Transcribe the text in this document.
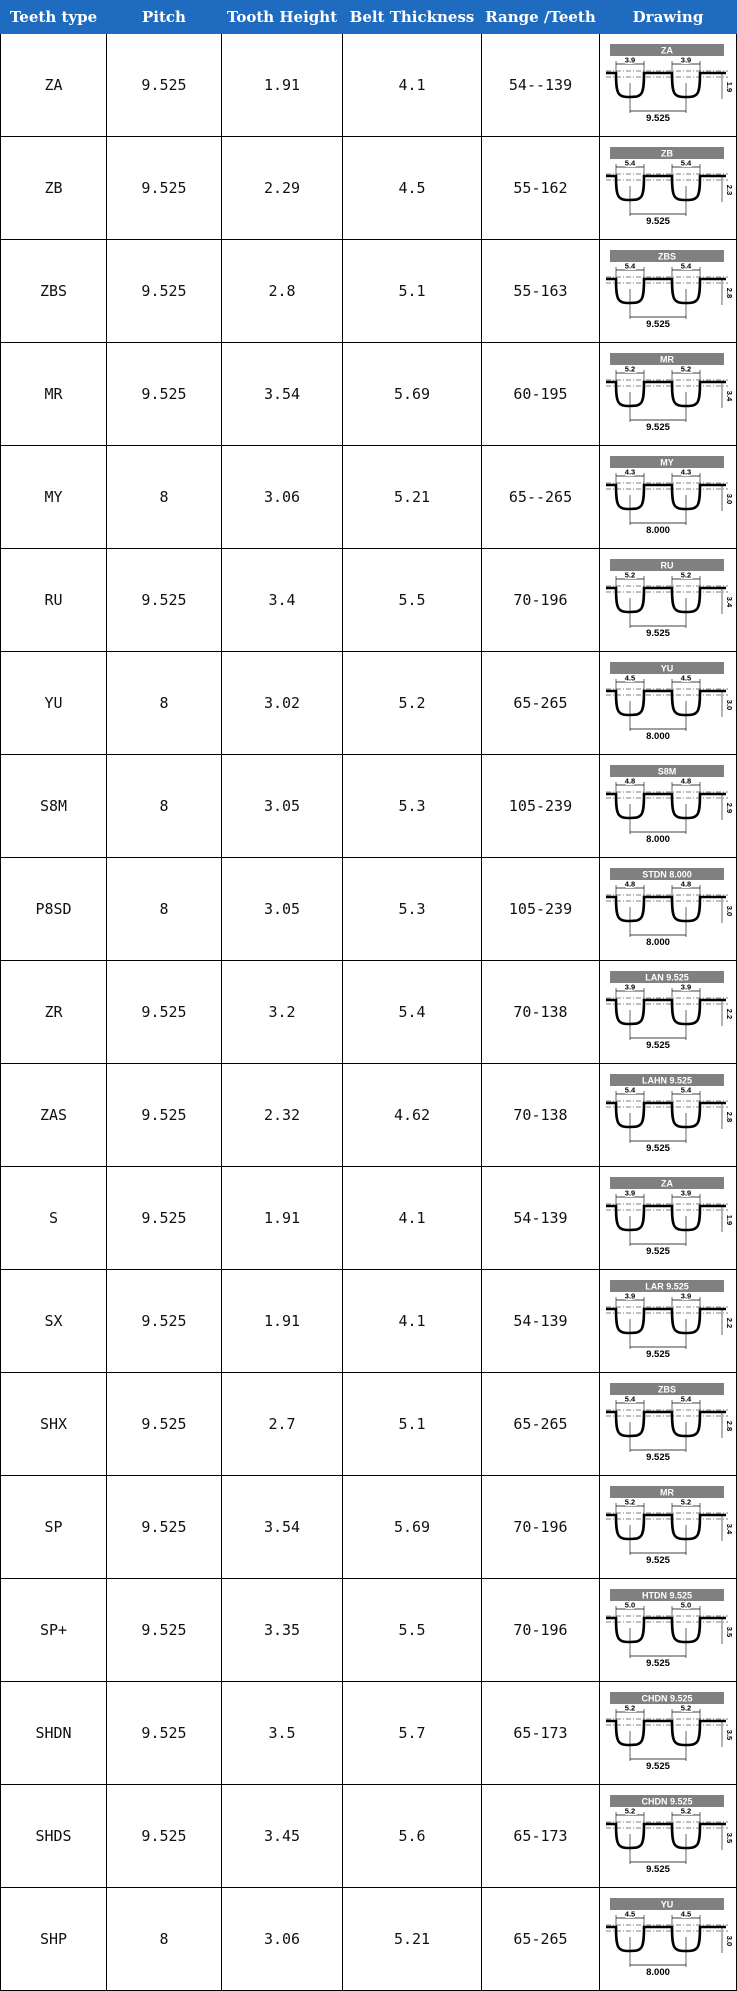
Teeth type	Pitch	Tooth Height	Belt Thickness	Range /Teeth	Drawing
ZA	9.525	1.91	4.1	54--139	ZA
3.9 3.9
9.525
1.9

ZB	9.525	2.29	4.5	55-162	ZB
5.4 5.4
9.525
2.3

ZBS	9.525	2.8	5.1	55-163	ZBS
5.4 5.4
9.525
2.8

MR	9.525	3.54	5.69	60-195	MR
5.2 5.2
9.525
3.4

MY	8	3.06	5.21	65--265	MY
4.3 4.3
8.000
3.0

RU	9.525	3.4	5.5	70-196	RU
5.2 5.2
9.525
3.4

YU	8	3.02	5.2	65-265	YU
4.5 4.5
8.000
3.0

S8M	8	3.05	5.3	105-239	S8M
4.8 4.8
8.000
2.9

P8SD	8	3.05	5.3	105-239	STDN 8.000
4.8 4.8
8.000
3.0

ZR	9.525	3.2	5.4	70-138	LAN 9.525
3.9 3.9
9.525
2.2

ZAS	9.525	2.32	4.62	70-138	LAHN 9.525
5.4 5.4
9.525
2.8

S	9.525	1.91	4.1	54-139	ZA
3.9 3.9
9.525
1.9

SX	9.525	1.91	4.1	54-139	LAR 9.525
3.9 3.9
9.525
2.2

SHX	9.525	2.7	5.1	65-265	ZBS
5.4 5.4
9.525
2.8

SP	9.525	3.54	5.69	70-196	MR
5.2 5.2
9.525
3.4

SP+	9.525	3.35	5.5	70-196	HTDN 9.525
5.0 5.0
9.525
3.5

SHDN	9.525	3.5	5.7	65-173	CHDN 9.525
5.2 5.2
9.525
3.5

SHDS	9.525	3.45	5.6	65-173	CHDN 9.525
5.2 5.2
9.525
3.5

SHP	8	3.06	5.21	65-265	YU
4.5 4.5
8.000
3.0
